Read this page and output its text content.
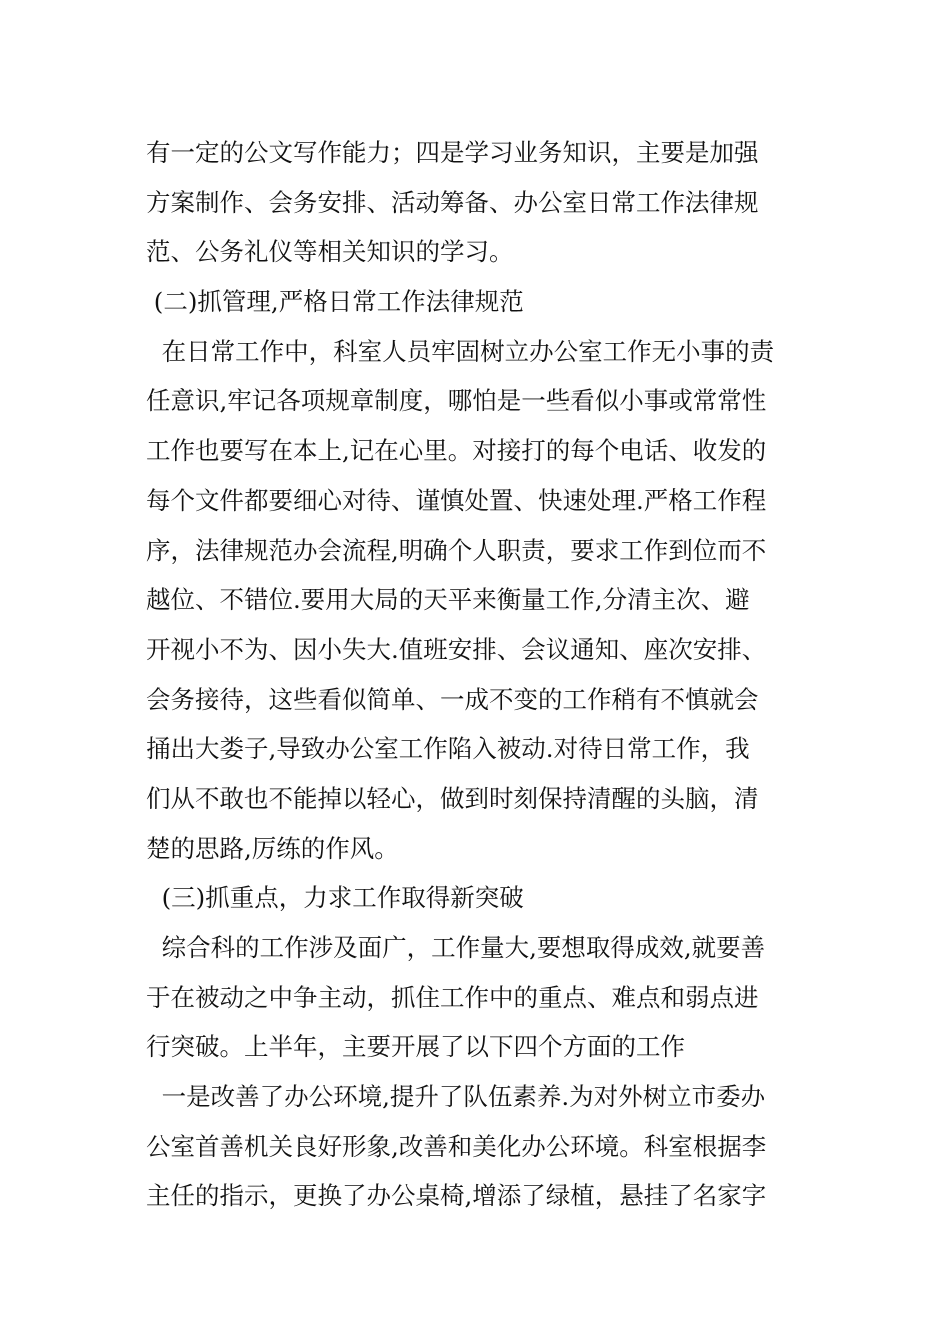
有一定的公文写作能力；四是学习业务知识，主要是加强
方案制作、会务安排、活动筹备、办公室日常工作法律规
范、公务礼仪等相关知识的学习。
(二)抓管理,严格日常工作法律规范
在日常工作中，科室人员牢固树立办公室工作无小事的责
任意识,牢记各项规章制度，哪怕是一些看似小事或常常性
工作也要写在本上,记在心里。对接打的每个电话、收发的
每个文件都要细心对待、谨慎处置、快速处理.严格工作程
序，法律规范办会流程,明确个人职责，要求工作到位而不
越位、不错位.要用大局的天平来衡量工作,分清主次、避
开视小不为、因小失大.值班安排、会议通知、座次安排、
会务接待，这些看似简单、一成不变的工作稍有不慎就会
捅出大娄子,导致办公室工作陷入被动.对待日常工作，我
们从不敢也不能掉以轻心，做到时刻保持清醒的头脑，清
楚的思路,厉练的作风。
(三)抓重点，力求工作取得新突破
综合科的工作涉及面广，工作量大,要想取得成效,就要善
于在被动之中争主动，抓住工作中的重点、难点和弱点进
行突破。上半年，主要开展了以下四个方面的工作
一是改善了办公环境,提升了队伍素养.为对外树立市委办
公室首善机关良好形象,改善和美化办公环境。科室根据李
主任的指示，更换了办公桌椅,增添了绿植，悬挂了名家字
